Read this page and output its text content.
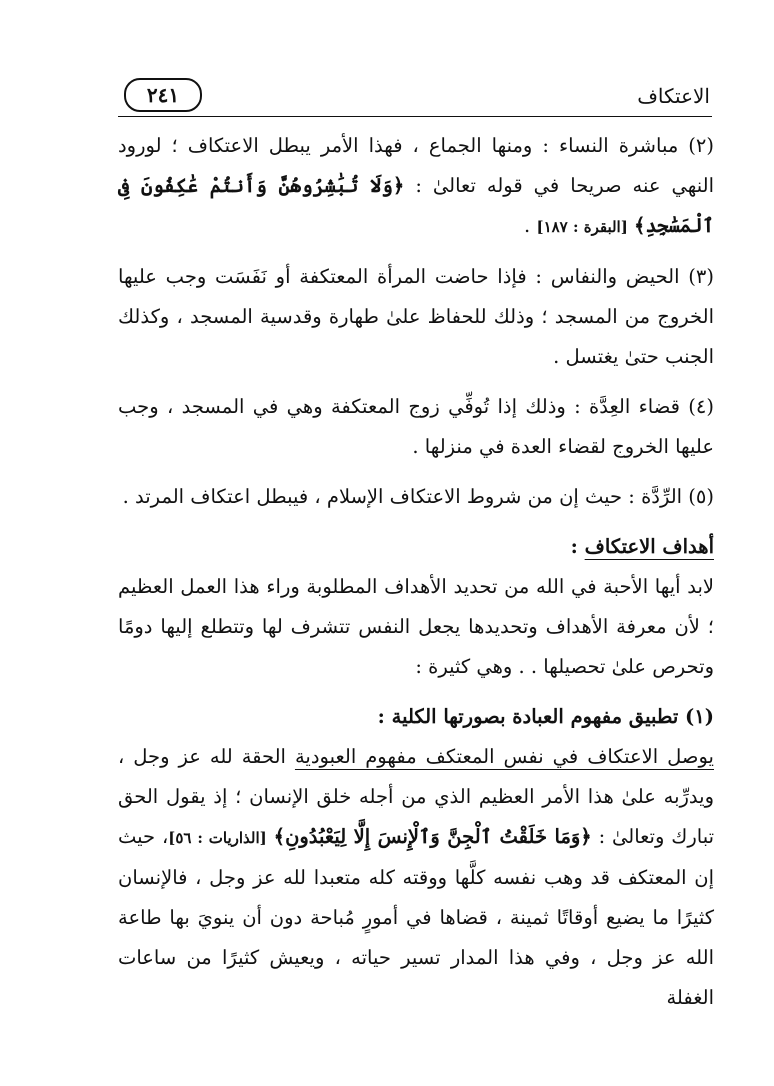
٢٤١	الاعتكاف

(٢) مباشرة النساء : ومنها الجماع ، فهذا الأمر يبطل الاعتكاف ؛ لورود النهي عنه صريحا في قوله تعالىٰ : ﴿وَلَا تُبَٰشِرُوهُنَّ وَأَنتُمْ عَٰكِفُونَ فِى ٱلْمَسَٰجِدِ﴾ [البقرة : ١٨٧] .

(٣) الحيض والنفاس : فإذا حاضت المرأة المعتكفة أو نَفَسَت وجب عليها الخروج من المسجد ؛ وذلك للحفاظ علىٰ طهارة وقدسية المسجد ، وكذلك الجنب حتىٰ يغتسل .

(٤) قضاء العِدَّة : وذلك إذا تُوفِّي زوج المعتكفة وهي في المسجد ، وجب عليها الخروج لقضاء العدة في منزلها .

(٥) الرِّدَّة : حيث إن من شروط الاعتكاف الإسلام ، فيبطل اعتكاف المرتد .

أهداف الاعتكاف :

لابد أيها الأحبة في الله من تحديد الأهداف المطلوبة وراء هذا العمل العظيم ؛ لأن معرفة الأهداف وتحديدها يجعل النفس تتشرف لها وتتطلع إليها دومًا وتحرص علىٰ تحصيلها . . وهي كثيرة :

(١) تطبيق مفهوم العبادة بصورتها الكلية :

يوصل الاعتكاف في نفس المعتكف مفهوم العبودية الحقة لله عز وجل ، ويدرِّبه علىٰ هذا الأمر العظيم الذي من أجله خلق الإنسان ؛ إذ يقول الحق تبارك وتعالىٰ : ﴿وَمَا خَلَقْتُ ٱلْجِنَّ وَٱلْإِنسَ إِلَّا لِيَعْبُدُونِ﴾ [الذاريات : ٥٦]، حيث إن المعتكف قد وهب نفسه كلَّها ووقته كله متعبدا لله عز وجل ، فالإنسان كثيرًا ما يضيع أوقاتًا ثمينة ، قضاها في أمورٍ مُباحة دون أن ينويَ بها طاعة الله عز وجل ، وفي هذا المدار تسير حياته ، ويعيش كثيرًا من ساعات الغفلة
